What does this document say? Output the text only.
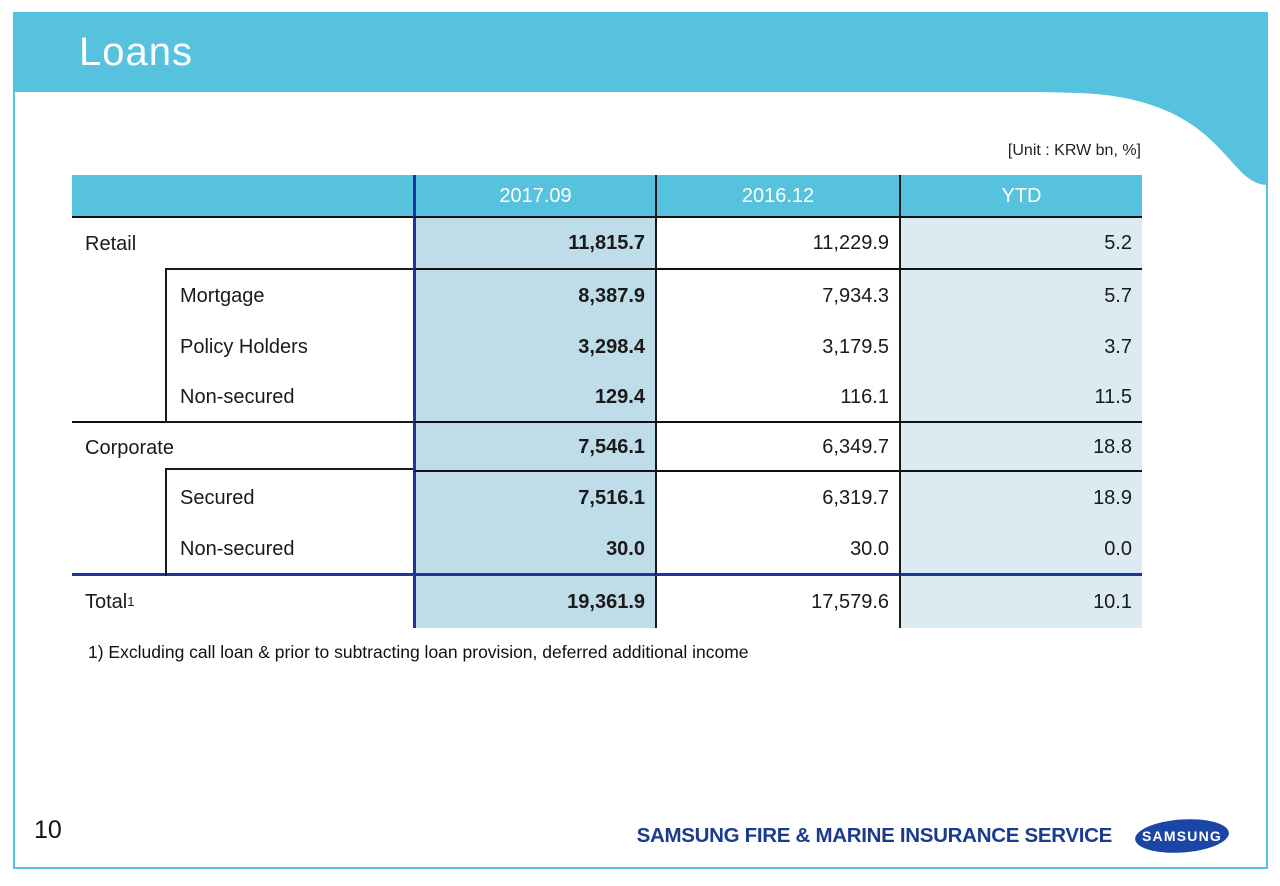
Loans
[Unit : KRW bn, %]
2017.09	2016.12	YTD
Retail	11,815.7	11,229.9	5.2
Mortgage	8,387.9	7,934.3	5.7
Policy Holders	3,298.4	3,179.5	3.7
Non-secured	129.4	116.1	11.5
Corporate	7,546.1	6,349.7	18.8
Secured	7,516.1	6,319.7	18.9
Non-secured	30.0	30.0	0.0
Total 1	19,361.9	17,579.6	10.1
1) Excluding call loan & prior to subtracting loan provision, deferred additional income
10	SAMSUNG FIRE & MARINE INSURANCE SERVICE SAMSUNG
